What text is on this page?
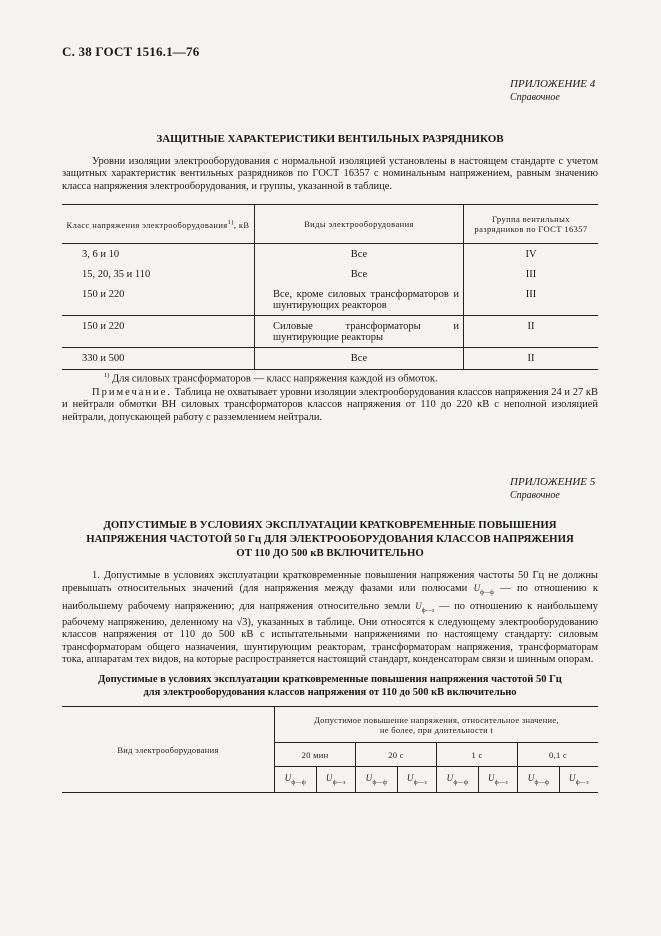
С. 38 ГОСТ 1516.1—76
ПРИЛОЖЕНИЕ 4
Справочное
ЗАЩИТНЫЕ ХАРАКТЕРИСТИКИ ВЕНТИЛЬНЫХ РАЗРЯДНИКОВ
Уровни изоляции электрооборудования с нормальной изоляцией установлены в настоящем стандарте с учетом защитных характеристик вентильных разрядников по ГОСТ 16357 с номинальным напряжением, равным значению класса напряжения электрооборудования, и группы, указанной в таблице.
Класс напряжения электрооборудования$^{1)}$, кВ	Виды электрооборудования	Группа вентильных разрядников по ГОСТ 16357
3, 6 и 10	Все	IV
15, 20, 35 и 110	Все	III
150 и 220	Все, кроме силовых трансформаторов и шунтирующих реакторов	III
150 и 220	Силовые трансформаторы и шунтирующие реакторы	II
330 и 500	Все	II
$^{1)}$ Для силовых трансформаторов — класс напряжения каждой из обмоток.
Примечание. Таблица не охватывает уровни изоляции электрооборудования классов напряжения 24 и 27 кВ и нейтрали обмотки ВН силовых трансформаторов классов напряжения от 110 до 220 кВ с неполной изоляцией нейтрали, допускающей работу с разземлением нейтрали.
ПРИЛОЖЕНИЕ 5
Справочное
ДОПУСТИМЫЕ В УСЛОВИЯХ ЭКСПЛУАТАЦИИ КРАТКОВРЕМЕННЫЕ ПОВЫШЕНИЯ
НАПРЯЖЕНИЯ ЧАСТОТОЙ 50 Гц ДЛЯ ЭЛЕКТРООБОРУДОВАНИЯ КЛАССОВ НАПРЯЖЕНИЯ
ОТ 110 ДО 500 кВ ВКЛЮЧИТЕЛЬНО
1. Допустимые в условиях эксплуатации кратковременные повышения напряжения частоты 50 Гц не должны превышать относительных значений (для напряжения между фазами или полюсами $U_{ф—ф}$ — по отношению к наибольшему рабочему напряжению; для напряжения относительно земли $U_{ф—з}$ — по отношению к наибольшему рабочему напряжению, деленному на √3), указанных в таблице. Они относятся к следующему электрооборудованию классов напряжения от 110 до 500 кВ с испытательными напряжениями по настоящему стандарту: силовым трансформаторам общего назначения, шунтирующим реакторам, трансформаторам напряжения, трансформаторам тока, аппаратам тех видов, на которые распространяется настоящий стандарт, конденсаторам связи и шинным опорам.
Допустимые в условиях эксплуатации кратковременные повышения напряжения частотой 50 Гц
для электрооборудования классов напряжения от 110 до 500 кВ включительно
Вид электрооборудования	Допустимое повышение напряжения, относительное значение,
не более, при длительности t							

	20 мин		20 с		1 с		0,1 с	
	$U_{ф—ф}$	$U_{ф—з}$	$U_{ф—ф}$	$U_{ф—з}$	$U_{ф—ф}$	$U_{ф—з}$	$U_{ф—ф}$	$U_{ф—з}$
